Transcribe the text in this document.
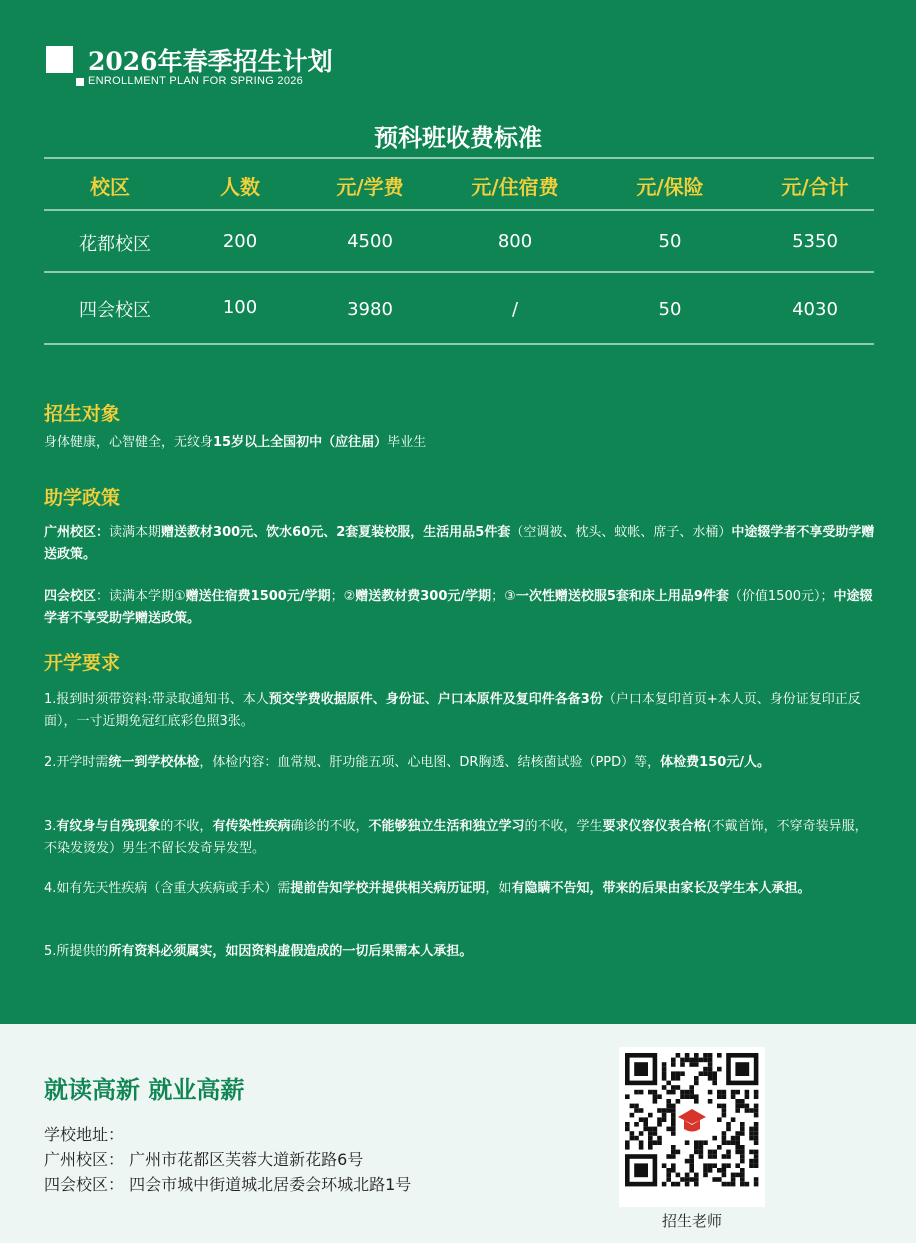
2026年春季招生计划
ENROLLMENT PLAN FOR SPRING 2026
预科班收费标准
校区	人数	元/学费	元/住宿费	元/保险	元/合计
花都校区	200	4500	800	50	5350
四会校区	100	3980	/	50	4030
招生对象
身体健康，心智健全，无纹身15岁以上全国初中（应往届）毕业生
助学政策
广州校区：读满本期赠送教材300元、饮水60元、2套夏装校服，生活用品5件套（空调被、枕头、蚊帐、席子、水桶）中途辍学者不享受助学赠送政策。
四会校区：读满本学期①赠送住宿费1500元/学期；②赠送教材费300元/学期；③一次性赠送校服5套和床上用品9件套（价值1500元）；中途辍学者不享受助学赠送政策。
开学要求
1.报到时须带资料:带录取通知书、本人预交学费收据原件、身份证、户口本原件及复印件各备3份（户口本复印首页+本人页、身份证复印正反面），一寸近期免冠红底彩色照3张。
2.开学时需统一到学校体检，体检内容：血常规、肝功能五项、心电图、DR胸透、结核菌试验（PPD）等，体检费150元/人。
3.有纹身与自残现象的不收，有传染性疾病确诊的不收，不能够独立生活和独立学习的不收，学生要求仪容仪表合格(不戴首饰，不穿奇装异服，不染发烫发）男生不留长发奇异发型。
4.如有先天性疾病（含重大疾病或手术）需提前告知学校并提供相关病历证明，如有隐瞒不告知，带来的后果由家长及学生本人承担。
5.所提供的所有资料必须属实，如因资料虚假造成的一切后果需本人承担。
就读高新 就业高薪
学校地址：
广州校区： 广州市花都区芙蓉大道新花路6号
四会校区： 四会市城中街道城北居委会环城北路1号
招生老师
